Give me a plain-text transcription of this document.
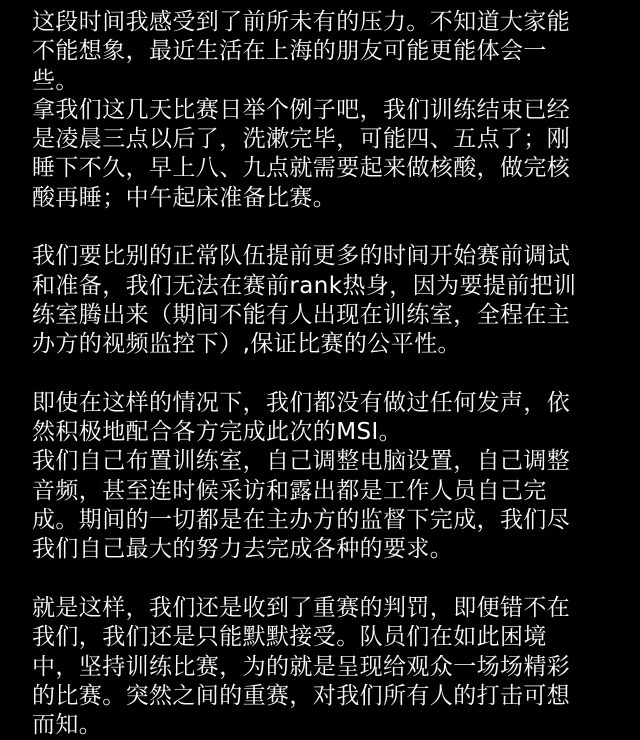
这段时间我感受到了前所未有的压力。不知道大家能
不能想象，最近生活在上海的朋友可能更能体会一
些。
拿我们这几天比赛日举个例子吧，我们训练结束已经
是凌晨三点以后了，洗漱完毕，可能四、五点了；刚
睡下不久，早上八、九点就需要起来做核酸，做完核
酸再睡；中午起床准备比赛。
我们要比别的正常队伍提前更多的时间开始赛前调试
和准备，我们无法在赛前rank热身，因为要提前把训
练室腾出来（期间不能有人出现在训练室，全程在主
办方的视频监控下）,保证比赛的公平性。
即使在这样的情况下，我们都没有做过任何发声，依
然积极地配合各方完成此次的MSI。
我们自己布置训练室，自己调整电脑设置，自己调整
音频，甚至连时候采访和露出都是工作人员自己完
成。期间的一切都是在主办方的监督下完成，我们尽
我们自己最大的努力去完成各种的要求。
就是这样，我们还是收到了重赛的判罚，即便错不在
我们，我们还是只能默默接受。队员们在如此困境
中，坚持训练比赛，为的就是呈现给观众一场场精彩
的比赛。突然之间的重赛，对我们所有人的打击可想
而知。
